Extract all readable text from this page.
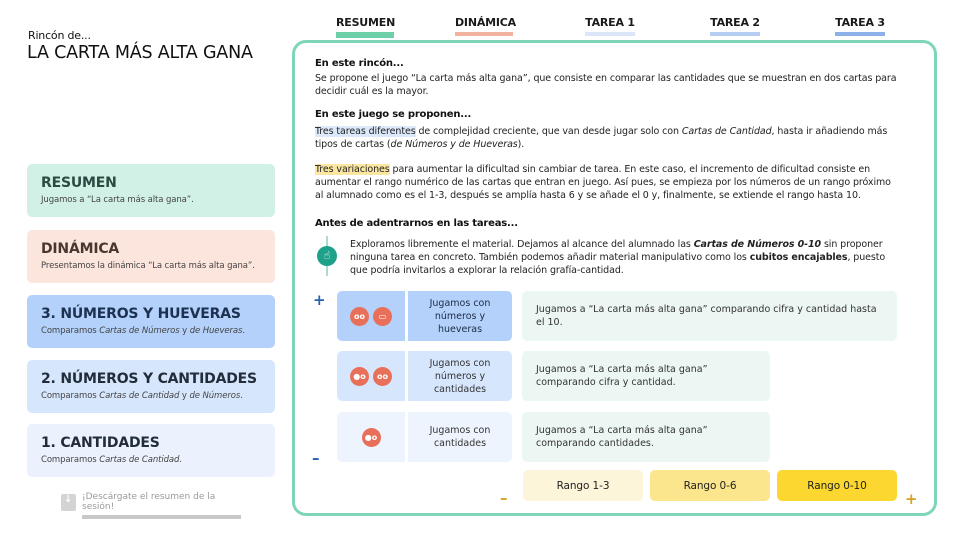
Rincón de...
LA CARTA MÁS ALTA GANA
RESUMEN
Jugamos a “La carta más alta gana”.
DINÁMICA
Presentamos la dinámica “La carta más alta gana”.
3. NÚMEROS Y HUEVERAS
Comparamos Cartas de Números y de Hueveras.
2. NÚMEROS Y CANTIDADES
Comparamos Cartas de Cantidad y de Números.
1. CANTIDADES
Comparamos Cartas de Cantidad.
↓
¡Descárgate el resumen de la sesión!
RESUMEN	DINÁMICA	TAREA 1	TAREA 2	TAREA 3
En este rincón...
Se propone el juego “La carta más alta gana”, que consiste en comparar las cantidades que se muestran en dos cartas para decidir cuál es la mayor.
En este juego se proponen...
Tres tareas diferentes de complejidad creciente, que van desde jugar solo con Cartas de Cantidad, hasta ir añadiendo más tipos de cartas (de Números y de Hueveras).
Tres variaciones para aumentar la dificultad sin cambiar de tarea. En este caso, el incremento de dificultad consiste en aumentar el rango numérico de las cartas que entran en juego. Así pues, se empieza por los números de un rango próximo al alumnado como es el 1-3, después se amplía hasta 6 y se añade el 0 y, finalmente, se extiende el rango hasta 10.
Antes de adentrarnos en las tareas...
☝
Exploramos libremente el material. Dejamos al alcance del alumnado las Cartas de Números 0-10 sin proponer ninguna tarea en concreto. También podemos añadir material manipulativo como los cubitos encajables, puesto que podría invitarlos a explorar la relación grafía-cantidad.
+
–
oo	▭
Jugamos con números y hueveras
Jugamos a “La carta más alta gana” comparando cifra y cantidad hasta el 10.
●o	oo
Jugamos con números y cantidades
Jugamos a “La carta más alta gana” comparando cifra y cantidad.
●o
Jugamos con cantidades
Jugamos a “La carta más alta gana” comparando cantidades.
–
Rango 1-3	Rango 0-6	Rango 0-10
+
